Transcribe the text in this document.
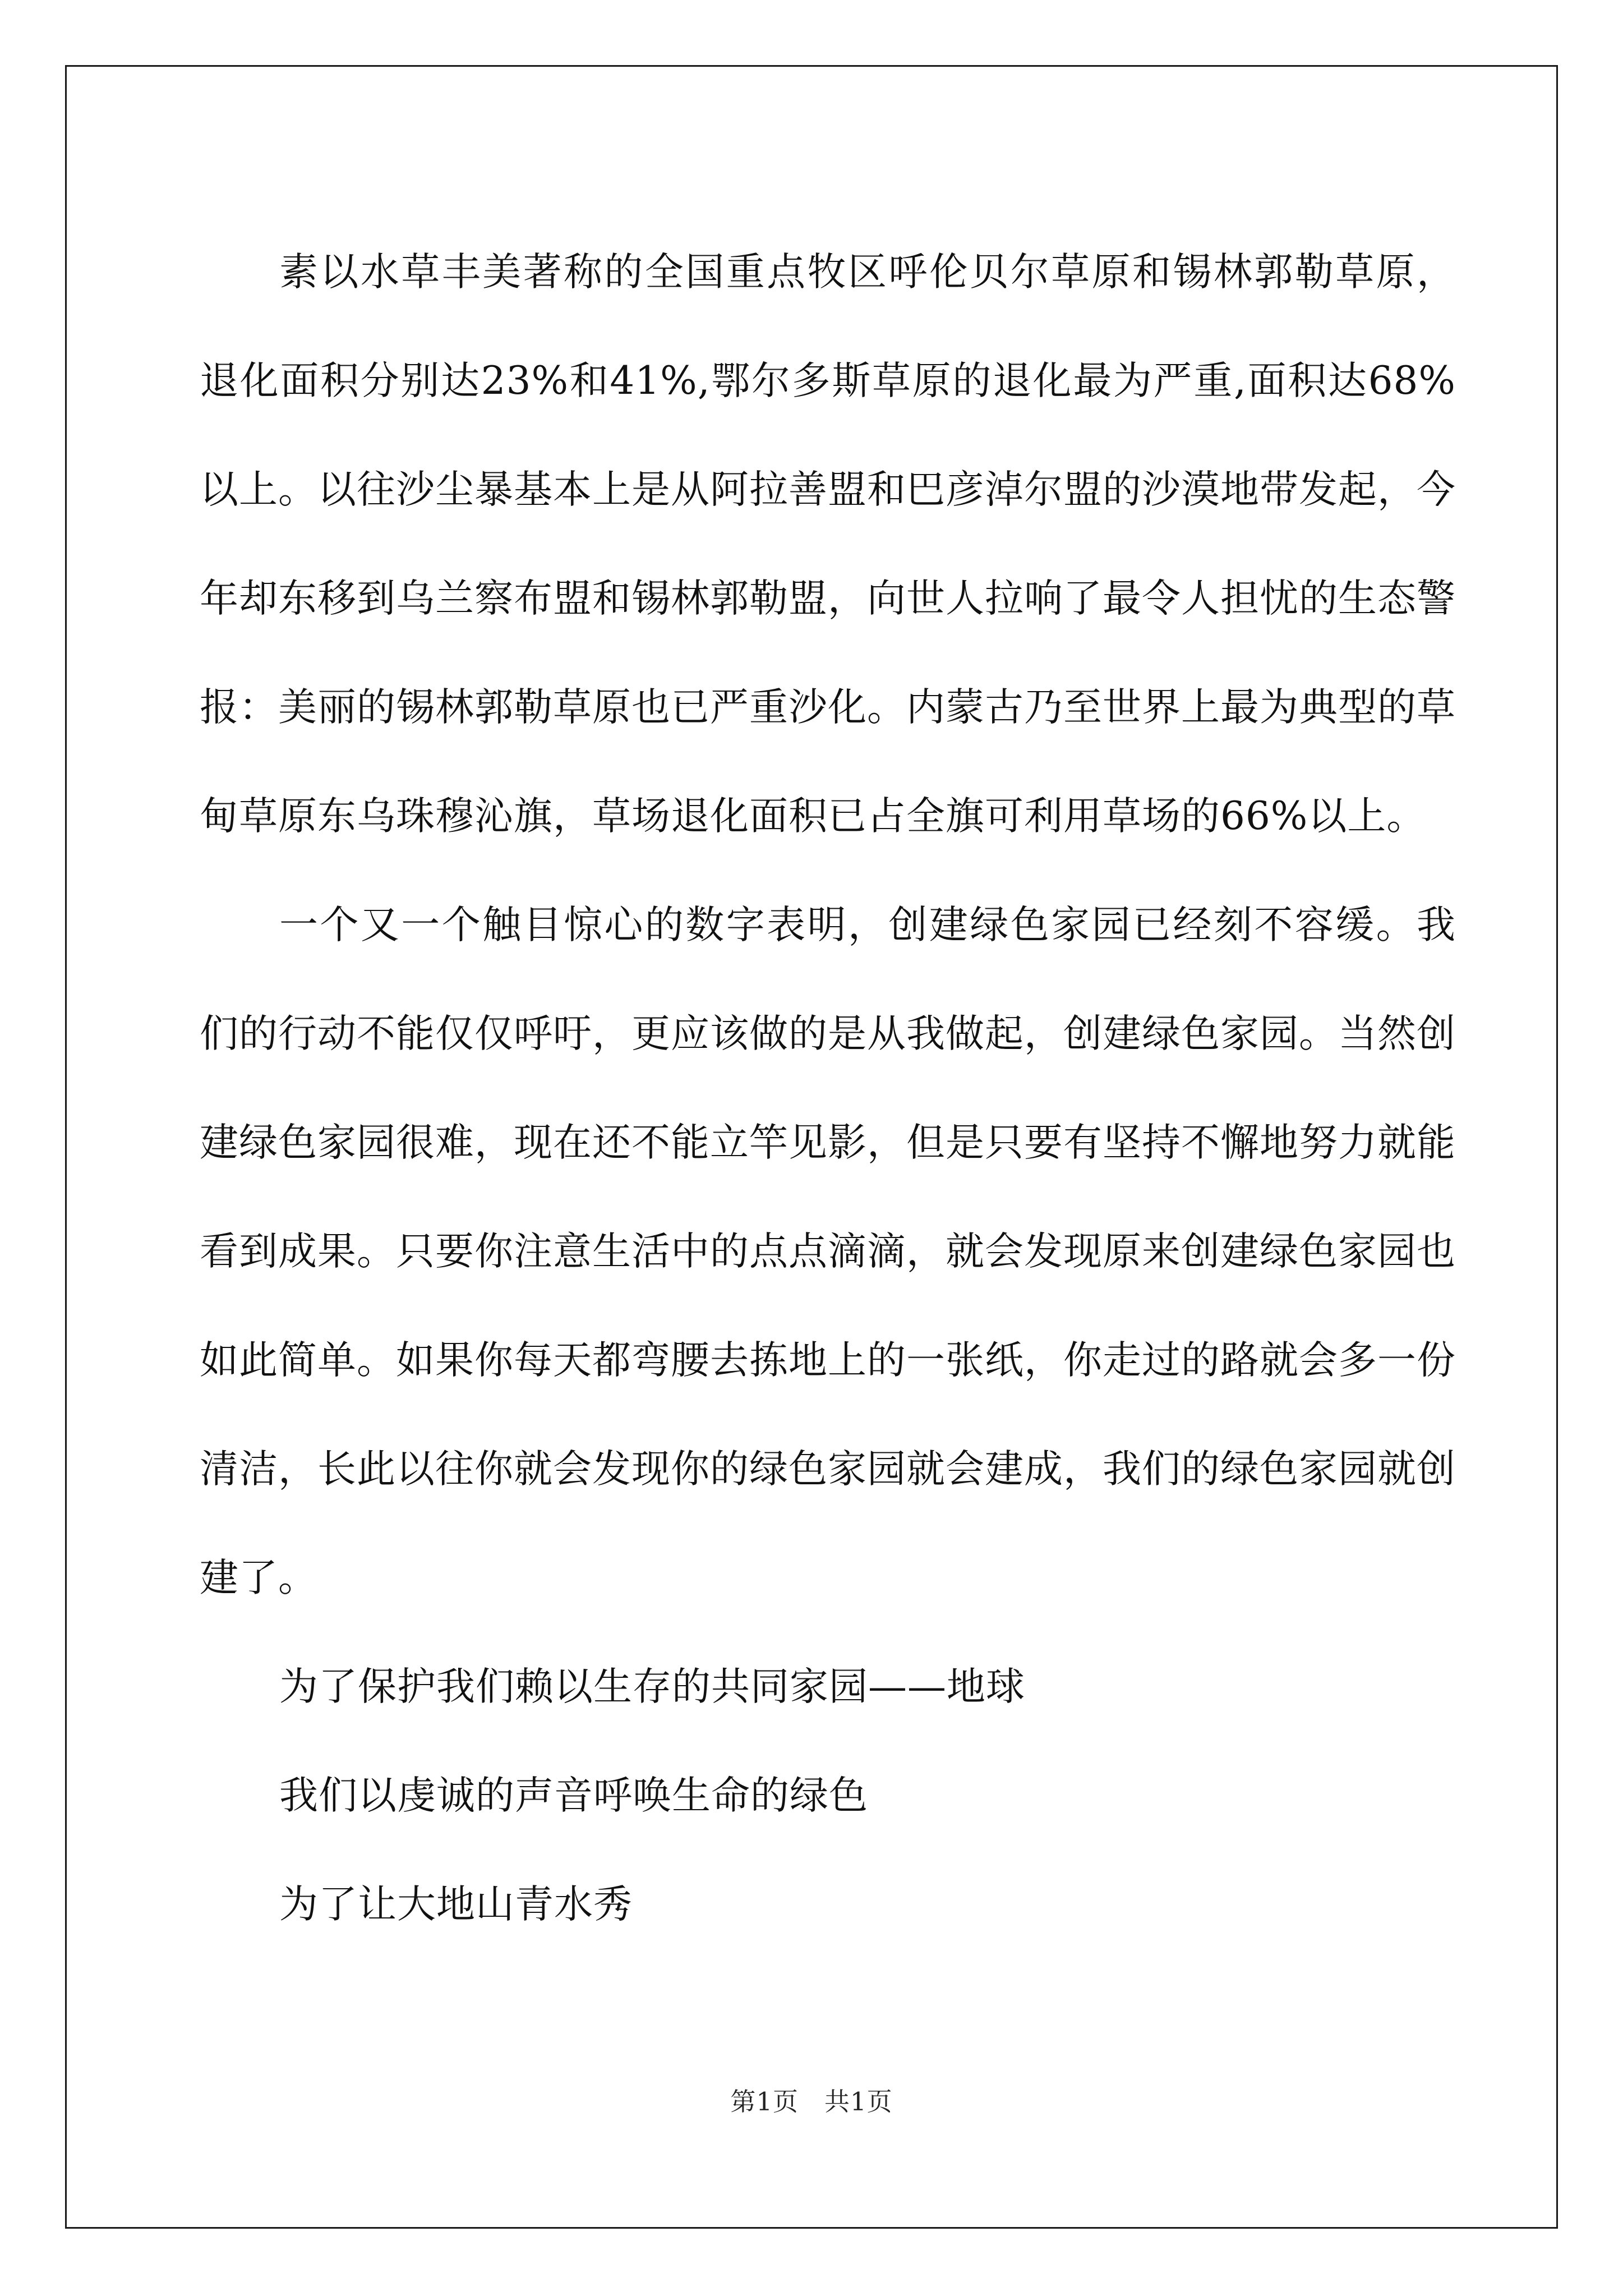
素以水草丰美著称的全国重点牧区呼伦贝尔草原和锡林郭勒草原，退化面积分别达23%和41%,鄂尔多斯草原的退化最为严重,面积达68%以上。以往沙尘暴基本上是从阿拉善盟和巴彦淖尔盟的沙漠地带发起，今年却东移到乌兰察布盟和锡林郭勒盟，向世人拉响了最令人担忧的生态警报：美丽的锡林郭勒草原也已严重沙化。内蒙古乃至世界上最为典型的草甸草原东乌珠穆沁旗，草场退化面积已占全旗可利用草场的66%以上。

一个又一个触目惊心的数字表明，创建绿色家园已经刻不容缓。我们的行动不能仅仅呼吁，更应该做的是从我做起，创建绿色家园。当然创建绿色家园很难，现在还不能立竿见影，但是只要有坚持不懈地努力就能看到成果。只要你注意生活中的点点滴滴，就会发现原来创建绿色家园也如此简单。如果你每天都弯腰去拣地上的一张纸，你走过的路就会多一份清洁，长此以往你就会发现你的绿色家园就会建成，我们的绿色家园就创建了。

为了保护我们赖以生存的共同家园——地球

我们以虔诚的声音呼唤生命的绿色

为了让大地山青水秀

第1页　共1页
